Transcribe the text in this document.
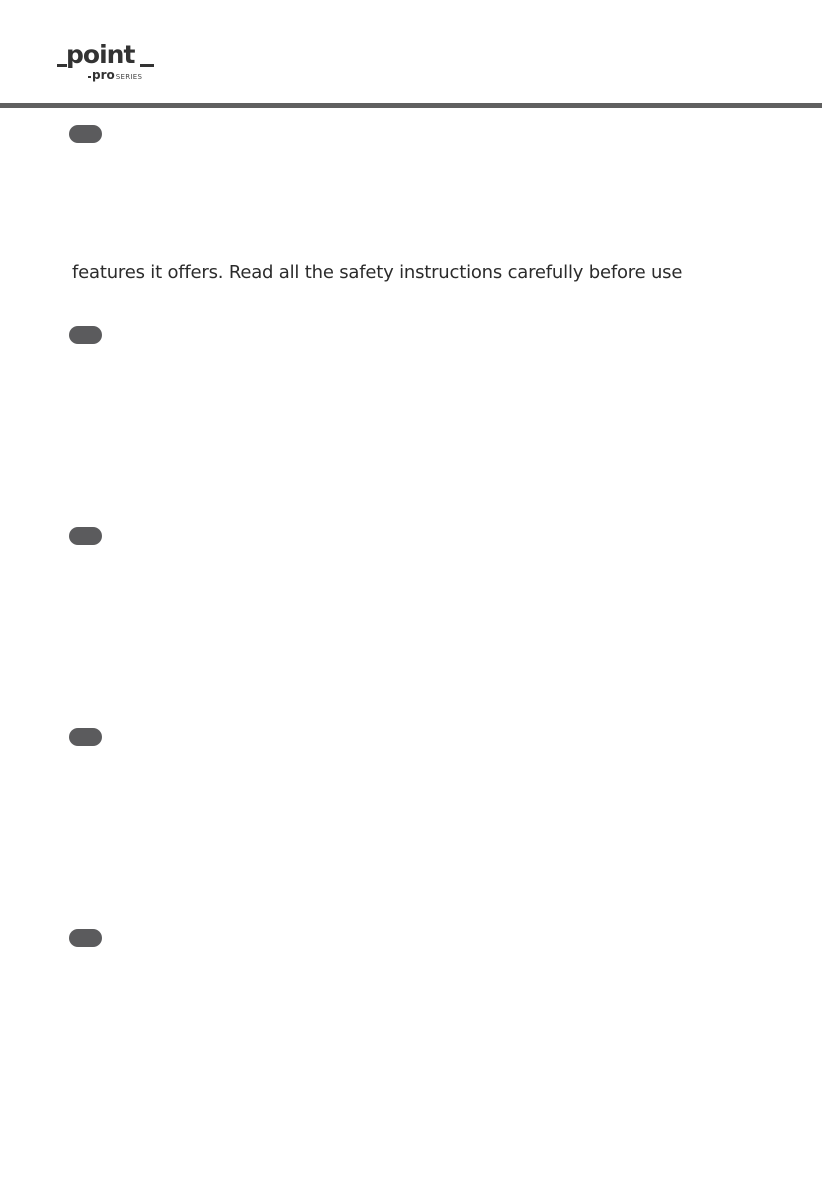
point
proSERIES

features it offers. Read all the safety instructions carefully before use
